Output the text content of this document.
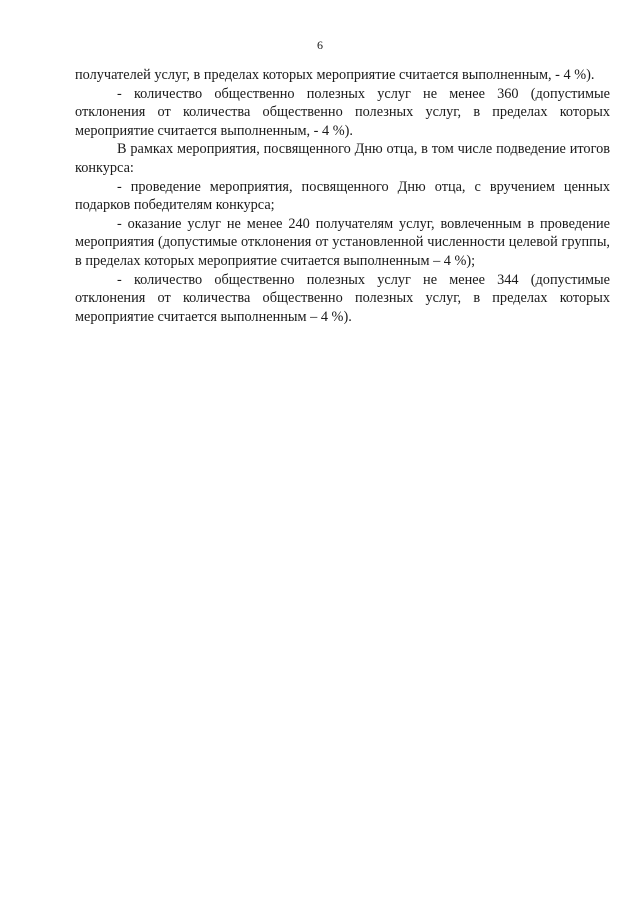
6

получателей услуг, в пределах которых мероприятие считается выполненным, - 4 %).

- количество общественно полезных услуг не менее 360 (допустимые отклонения от количества общественно полезных услуг, в пределах которых мероприятие считается выполненным, - 4 %).

В рамках мероприятия, посвященного Дню отца, в том числе подведение итогов конкурса:

- проведение мероприятия, посвященного Дню отца, с вручением ценных подарков победителям конкурса;

- оказание услуг не менее 240 получателям услуг, вовлеченным в проведение мероприятия (допустимые отклонения от установленной численности целевой группы, в пределах которых мероприятие считается выполненным – 4 %);

- количество общественно полезных услуг не менее 344 (допустимые отклонения от количества общественно полезных услуг, в пределах которых мероприятие считается выполненным – 4 %).
